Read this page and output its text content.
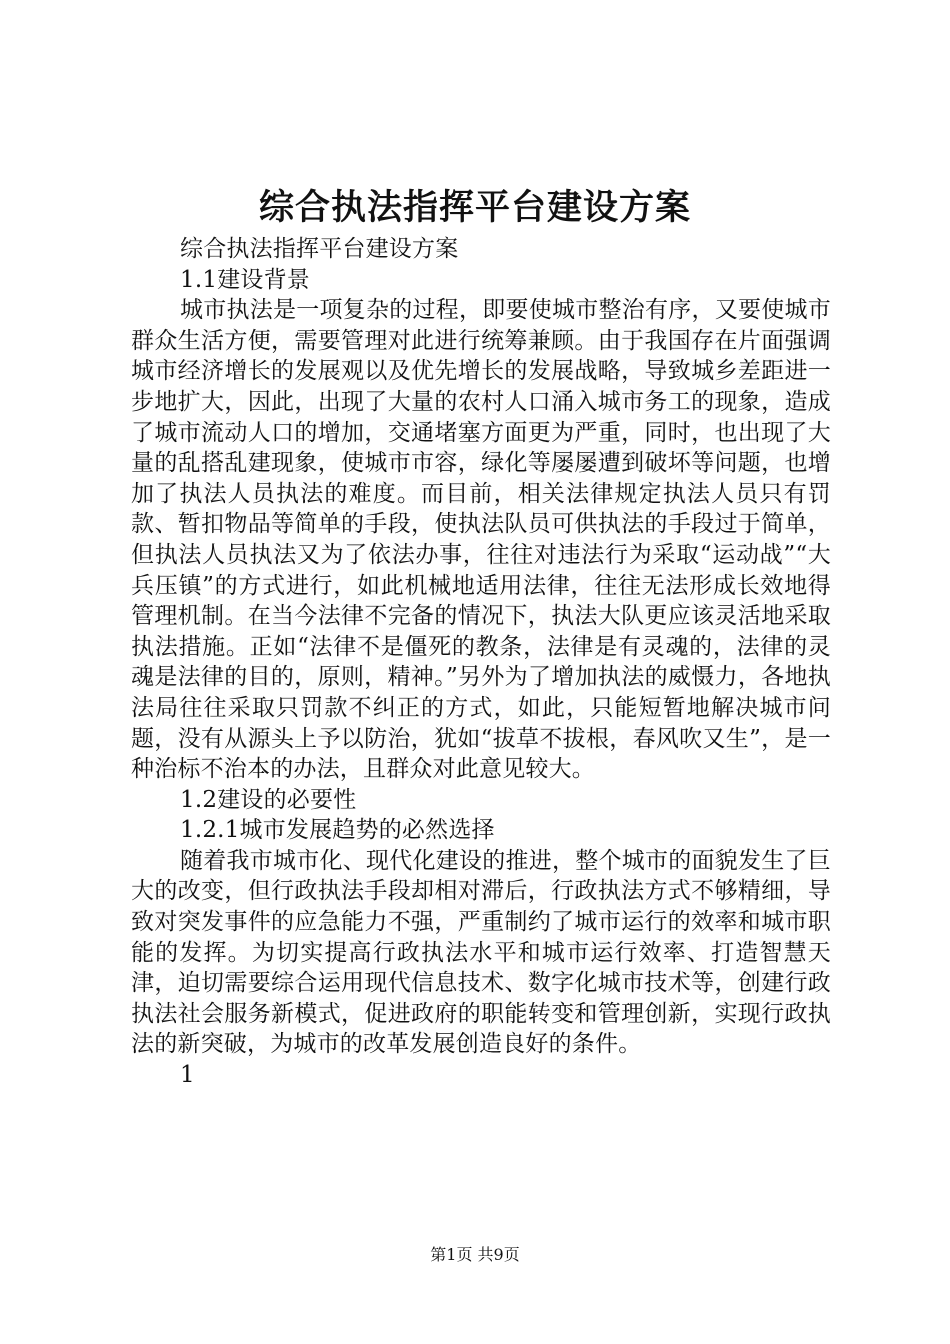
综合执法指挥平台建设方案

综合执法指挥平台建设方案

1.1建设背景

城市执法是一项复杂的过程，即要使城市整治有序，又要使城市群众生活方便，需要管理对此进行统筹兼顾。由于我国存在片面强调城市经济增长的发展观以及优先增长的发展战略，导致城乡差距进一步地扩大，因此，出现了大量的农村人口涌入城市务工的现象，造成了城市流动人口的增加，交通堵塞方面更为严重，同时，也出现了大量的乱搭乱建现象，使城市市容，绿化等屡屡遭到破坏等问题，也增加了执法人员执法的难度。而目前，相关法律规定执法人员只有罚款、暂扣物品等简单的手段，使执法队员可供执法的手段过于简单，但执法人员执法又为了依法办事，往往对违法行为采取“运动战”“大兵压镇”的方式进行，如此机械地适用法律，往往无法形成长效地得管理机制。在当今法律不完备的情况下，执法大队更应该灵活地采取执法措施。正如“法律不是僵死的教条，法律是有灵魂的，法律的灵魂是法律的目的，原则，精神。”另外为了增加执法的威慑力，各地执法局往往采取只罚款不纠正的方式，如此，只能短暂地解决城市问题，没有从源头上予以防治，犹如“拔草不拔根，春风吹又生”，是一种治标不治本的办法，且群众对此意见较大。

1.2建设的必要性

1.2.1城市发展趋势的必然选择

随着我市城市化、现代化建设的推进，整个城市的面貌发生了巨大的改变，但行政执法手段却相对滞后，行政执法方式不够精细，导致对突发事件的应急能力不强，严重制约了城市运行的效率和城市职能的发挥。为切实提高行政执法水平和城市运行效率、打造智慧天津，迫切需要综合运用现代信息技术、数字化城市技术等，创建行政执法社会服务新模式，促进政府的职能转变和管理创新，实现行政执法的新突破，为城市的改革发展创造良好的条件。

1

第1页 共9页
